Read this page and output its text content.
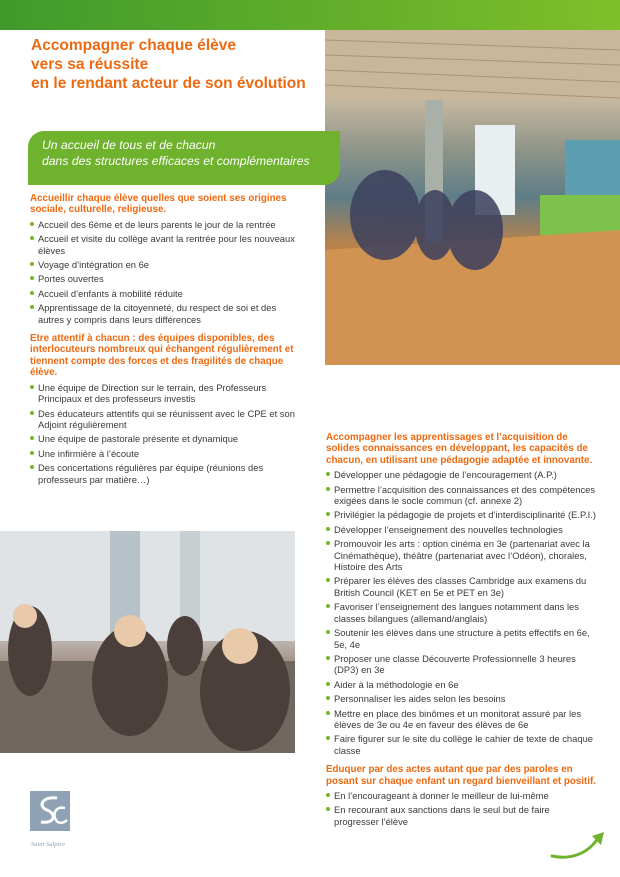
Accompagner chaque élève
vers sa réussite
en le rendant acteur de son évolution
Un accueil de tous et de chacun
dans des structures efficaces et complémentaires
Accueillir chaque élève quelles que soient ses origines sociale, culturelle, religieuse.
Accueil des 6ème et de leurs parents le jour de la rentrée
Accueil et visite du collège avant la rentrée pour les nouveaux élèves
Voyage d’intégration en 6e
Portes ouvertes
Accueil d’enfants à mobilité réduite
Apprentissage de la citoyenneté, du respect de soi et des autres y compris dans leurs différences
Etre attentif à chacun : des équipes disponibles, des interlocuteurs nombreux qui échangent régulièrement et tiennent compte des forces et des fragilités de chaque élève.
Une équipe de Direction sur le terrain, des Professeurs Principaux et des professeurs investis
Des éducateurs attentifs qui se réunissent avec le CPE et son Adjoint régulièrement
Une équipe de pastorale présente et dynamique
Une infirmière à l’écoute
Des concertations régulières par équipe (réunions des professeurs par matière…)
Accompagner les apprentissages et l’acquisition de solides connaissances en développant, les capacités de chacun, en utilisant une pédagogie adaptée et innovante.
Développer une pédagogie de l’encouragement (A.P.)
Permettre l’acquisition des connaissances et des compétences exigées dans le socle commun (cf. annexe 2)
Privilégier la pédagogie de projets et d’interdisciplinarité (E.P.I.)
Développer l’enseignement des nouvelles technologies
Promouvoir les arts : option cinéma en 3e (partenariat avec la Cinémathèque), théâtre (partenariat avec l’Odéon), chorales, Histoire des Arts
Préparer les élèves des classes Cambridge aux examens du British Council (KET en 5e et PET en 3e)
Favoriser l’enseignement des langues notamment dans les classes bilangues (allemand/anglais)
Soutenir les élèves dans une structure à petits effectifs en 6e, 5e, 4e
Proposer une classe Découverte Professionnelle 3 heures (DP3) en 3e
Aider à la méthodologie en 6e
Personnaliser les aides selon les besoins
Mettre en place des binômes et un monitorat assuré par les élèves de 3e ou 4e en faveur des élèves de 6e
Faire figurer sur le site du collège le cahier de texte de chaque classe
Eduquer par des actes autant que par des paroles en posant sur chaque enfant un regard bienveillant et positif.
En l’encourageant à donner le meilleur de lui-même
En recourant aux sanctions dans le seul but de faire progresser l’élève
Saint Sulpice
